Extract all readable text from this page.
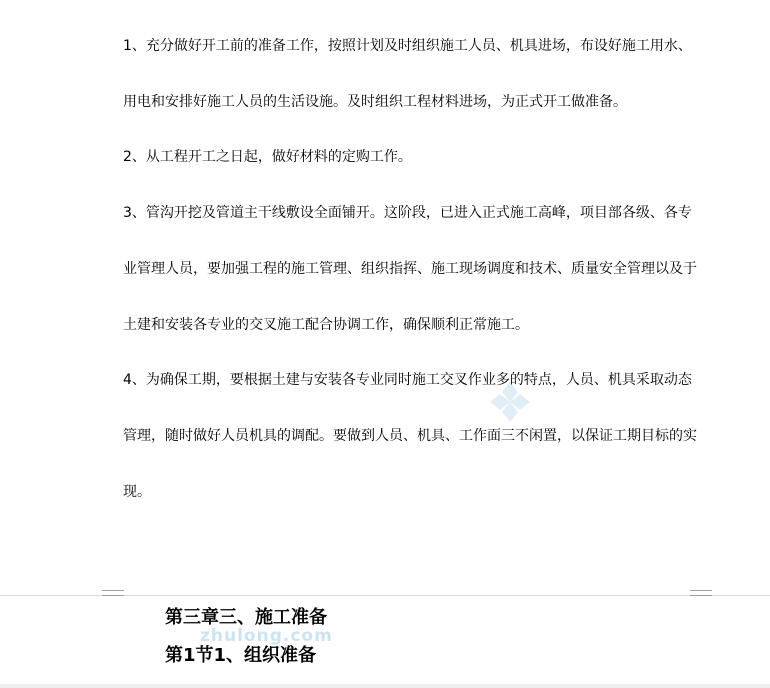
1、充分做好开工前的准备工作，按照计划及时组织施工人员、机具进场，布设好施工用水、
用电和安排好施工人员的生活设施。及时组织工程材料进场，为正式开工做准备。
2、从工程开工之日起，做好材料的定购工作。
3、管沟开挖及管道主干线敷设全面铺开。这阶段，已进入正式施工高峰，项目部各级、各专
业管理人员，要加强工程的施工管理、组织指挥、施工现场调度和技术、质量安全管理以及于
土建和安装各专业的交叉施工配合协调工作，确保顺利正常施工。
4、为确保工期，要根据土建与安装各专业同时施工交叉作业多的特点，人员、机具采取动态
管理，随时做好人员机具的调配。要做到人员、机具、工作面三不闲置，以保证工期目标的实
现。
第三章三、施工准备
zhulong.com
第1节1、组织准备
